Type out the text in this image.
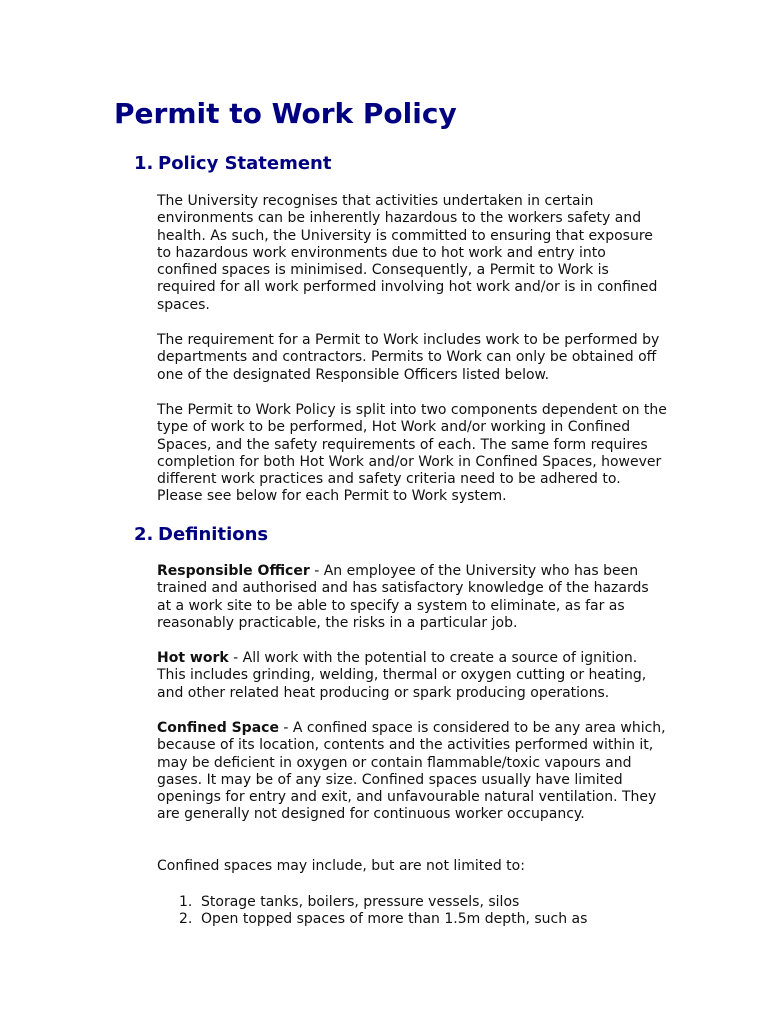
Permit to Work Policy
1. Policy Statement

The University recognises that activities undertaken in certain environments can be inherently hazardous to the workers safety and health. As such, the University is committed to ensuring that exposure to hazardous work environments due to hot work and entry into confined spaces is minimised. Consequently, a Permit to Work is required for all work performed involving hot work and/or is in confined spaces.

The requirement for a Permit to Work includes work to be performed by departments and contractors. Permits to Work can only be obtained off one of the designated Responsible Officers listed below.

The Permit to Work Policy is split into two components dependent on the type of work to be performed, Hot Work and/or working in Confined Spaces, and the safety requirements of each. The same form requires completion for both Hot Work and/or Work in Confined Spaces, however different work practices and safety criteria need to be adhered to. Please see below for each Permit to Work system.

2. Definitions

Responsible Officer - An employee of the University who has been trained and authorised and has satisfactory knowledge of the hazards at a work site to be able to specify a system to eliminate, as far as reasonably practicable, the risks in a particular job.

Hot work - All work with the potential to create a source of ignition. This includes grinding, welding, thermal or oxygen cutting or heating, and other related heat producing or spark producing operations.

Confined Space - A confined space is considered to be any area which, because of its location, contents and the activities performed within it, may be deficient in oxygen or contain flammable/toxic vapours and gases. It may be of any size. Confined spaces usually have limited openings for entry and exit, and unfavourable natural ventilation. They are generally not designed for continuous worker occupancy.

Confined spaces may include, but are not limited to:

1. Storage tanks, boilers, pressure vessels, silos
2. Open topped spaces of more than 1.5m depth, such as
